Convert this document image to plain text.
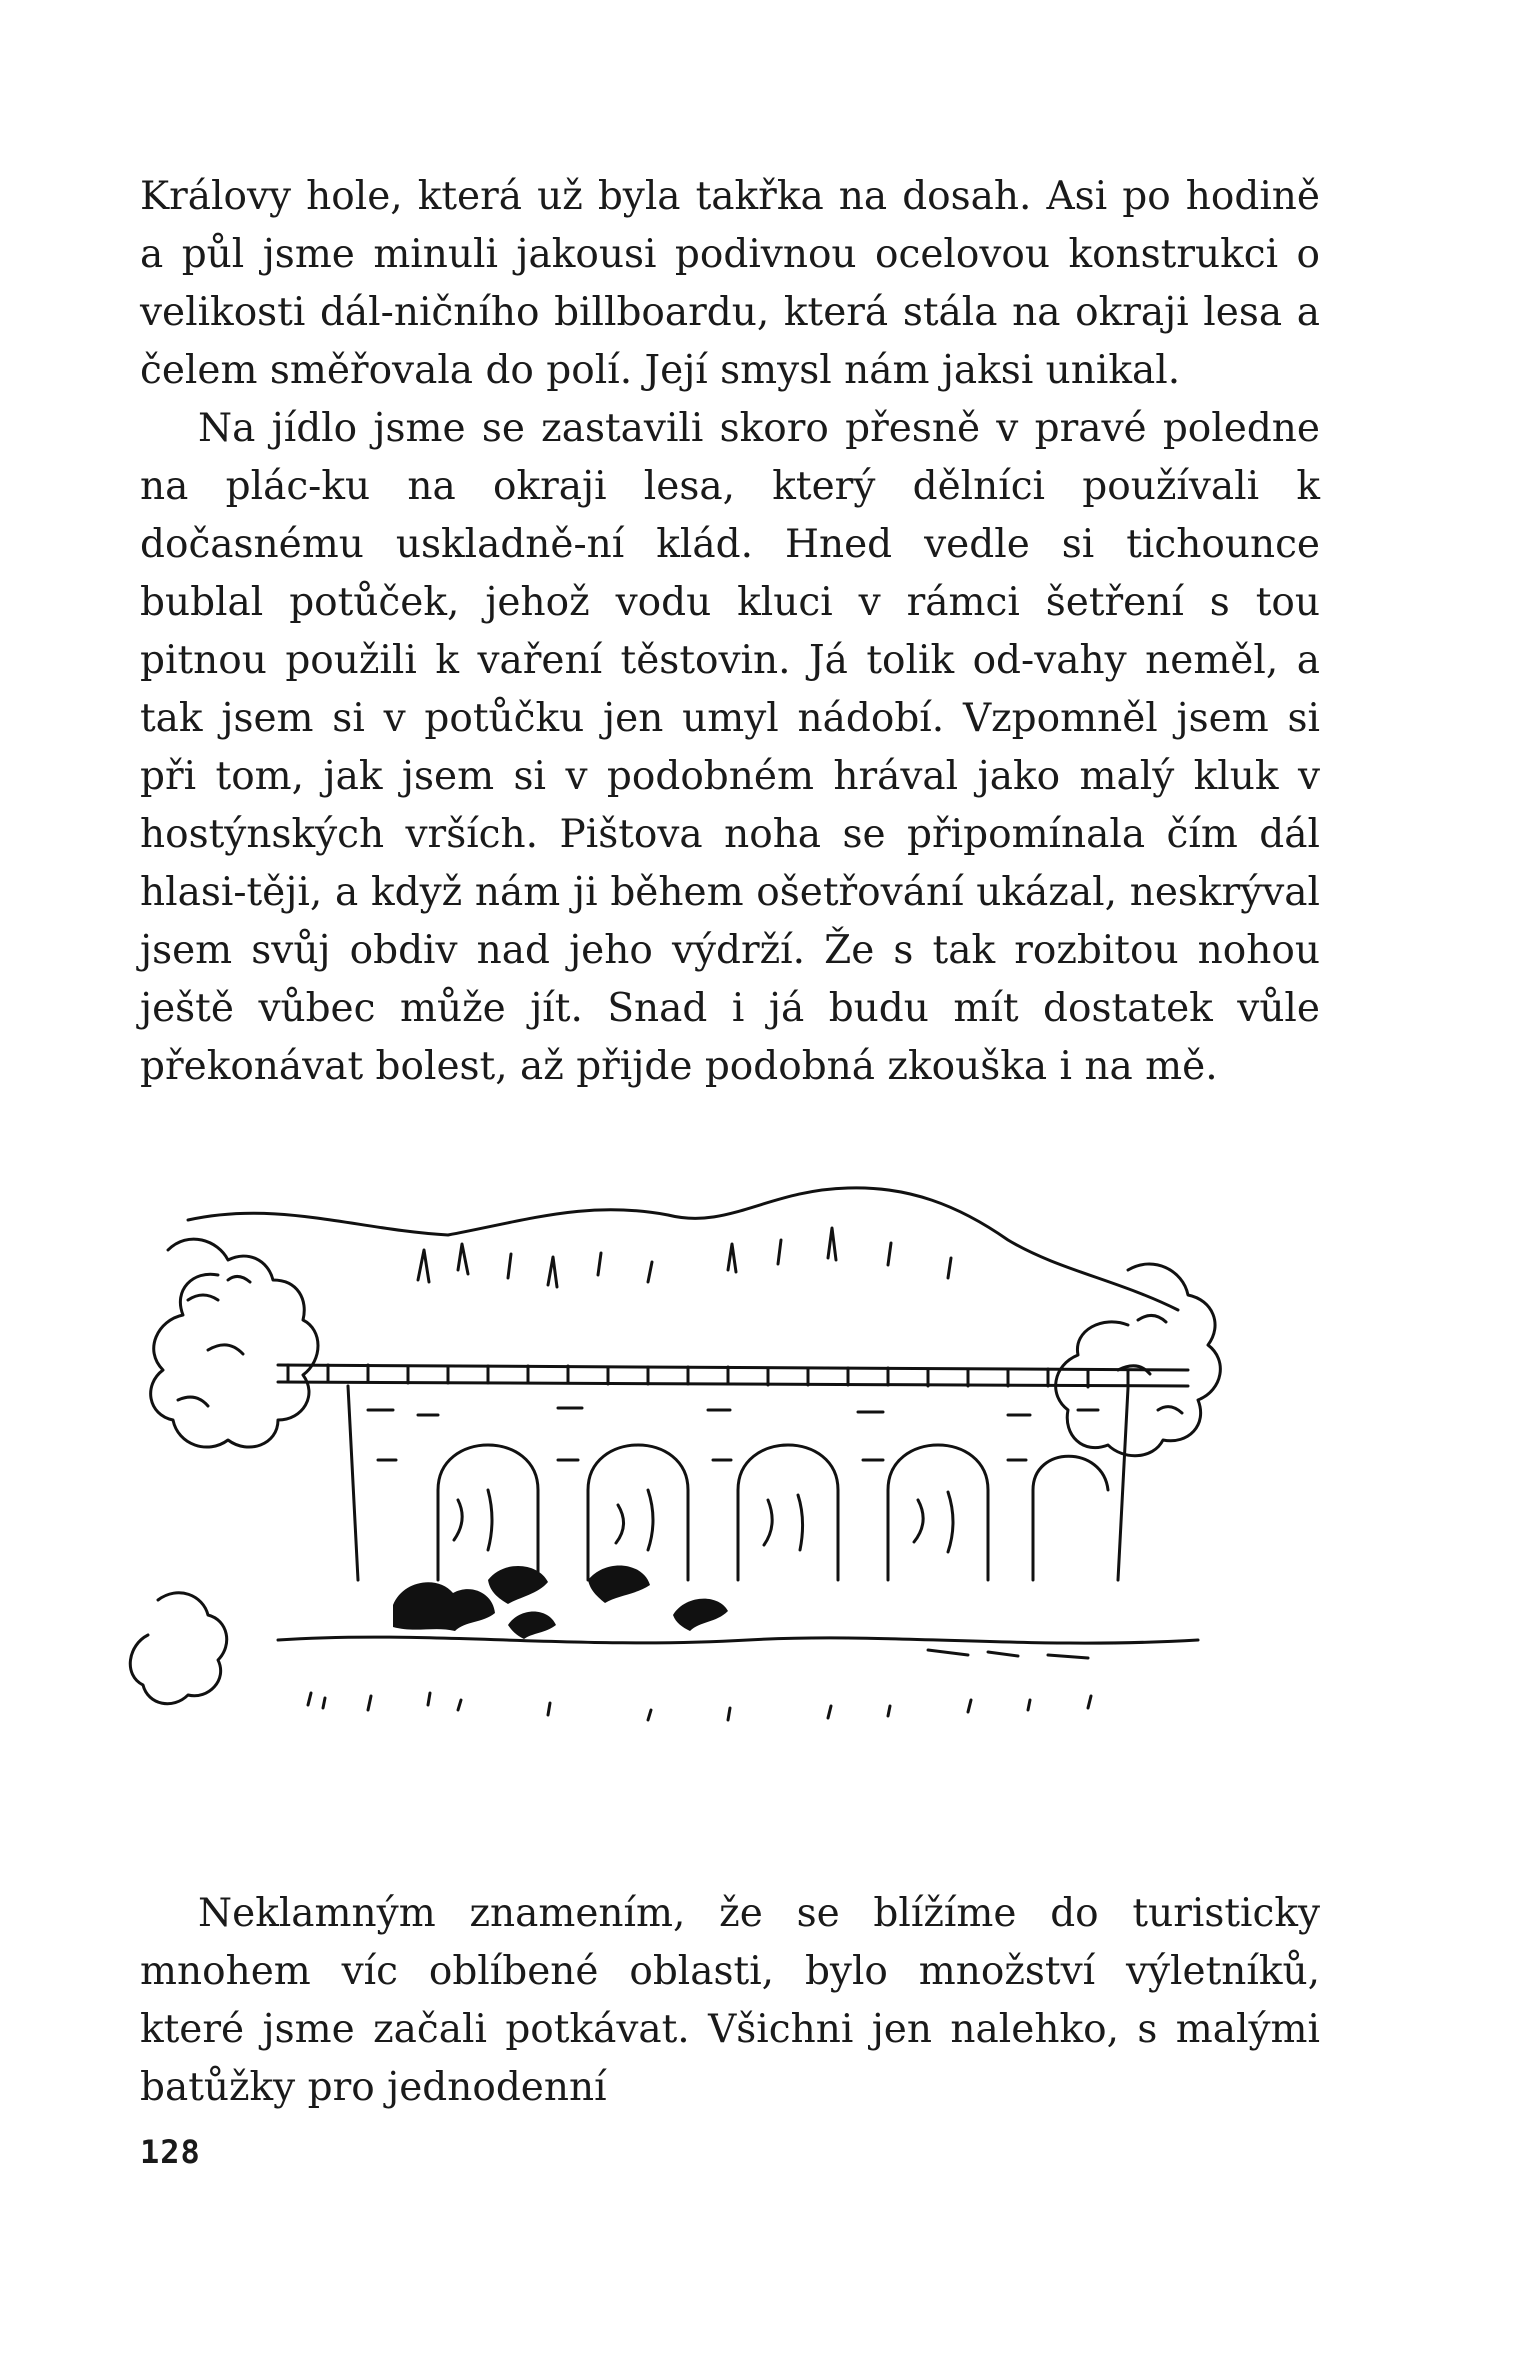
Královy hole, která už byla takřka na dosah. Asi po hodině a půl jsme minuli jakousi podivnou ocelovou konstrukci o velikosti dál-ničního billboardu, která stála na okraji lesa a čelem směřovala do polí. Její smysl nám jaksi unikal.

Na jídlo jsme se zastavili skoro přesně v pravé poledne na plác-ku na okraji lesa, který dělníci používali k dočasnému uskladně-ní klád. Hned vedle si tichounce bublal potůček, jehož vodu kluci v rámci šetření s tou pitnou použili k vaření těstovin. Já tolik od-vahy neměl, a tak jsem si v potůčku jen umyl nádobí. Vzpomněl jsem si při tom, jak jsem si v podobném hrával jako malý kluk v hostýnských vrších. Pištova noha se připomínala čím dál hlasi-těji, a když nám ji během ošetřování ukázal, neskrýval jsem svůj obdiv nad jeho výdrží. Že s tak rozbitou nohou ještě vůbec může jít. Snad i já budu mít dostatek vůle překonávat bolest, až přijde podobná zkouška i na mě.

Neklamným znamením, že se blížíme do turisticky mnohem víc oblíbené oblasti, bylo množství výletníků, které jsme začali potkávat. Všichni jen nalehko, s malými batůžky pro jednodenní

128
